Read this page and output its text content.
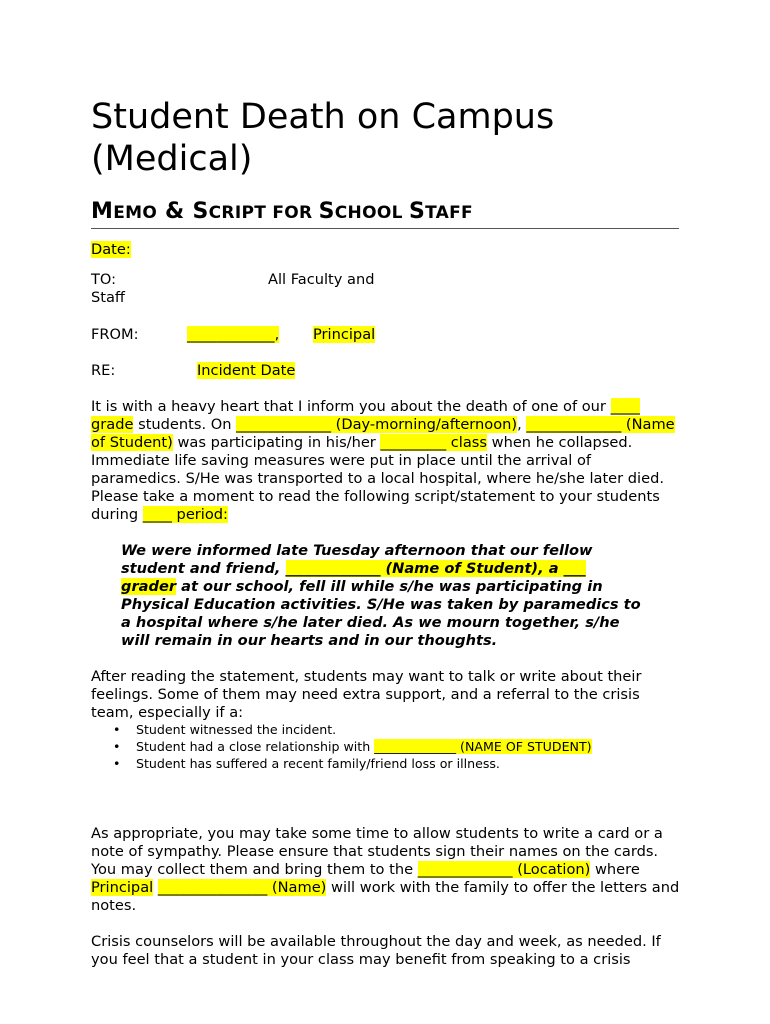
Student Death on Campus
(Medical)
MEMO & SCRIPT FOR SCHOOL STAFF
Date:
TO:	All Faculty and
Staff
FROM:	____________,	Principal
RE:	Incident Date
It is with a heavy heart that I inform you about the death of one of our ____ grade students. On _____________ (Day-morning/afternoon), _____________ (Name of Student) was participating in his/her _________ class when he collapsed. Immediate life saving measures were put in place until the arrival of paramedics. S/He was transported to a local hospital, where he/she later died. Please take a moment to read the following script/statement to your students during ____ period:
We were informed late Tuesday afternoon that our fellow student and friend, _____________ (Name of Student), a ___ grader at our school, fell ill while s/he was participating in Physical Education activities. S/He was taken by paramedics to a hospital where s/he later died. As we mourn together, s/he will remain in our hearts and in our thoughts.
After reading the statement, students may want to talk or write about their feelings. Some of them may need extra support, and a referral to the crisis team, especially if a:
• Student witnessed the incident.
• Student had a close relationship with _____________ (NAME OF STUDENT)
• Student has suffered a recent family/friend loss or illness.
As appropriate, you may take some time to allow students to write a card or a note of sympathy. Please ensure that students sign their names on the cards. You may collect them and bring them to the _____________ (Location) where Principal _______________ (Name) will work with the family to offer the letters and notes.
Crisis counselors will be available throughout the day and week, as needed. If you feel that a student in your class may benefit from speaking to a crisis
